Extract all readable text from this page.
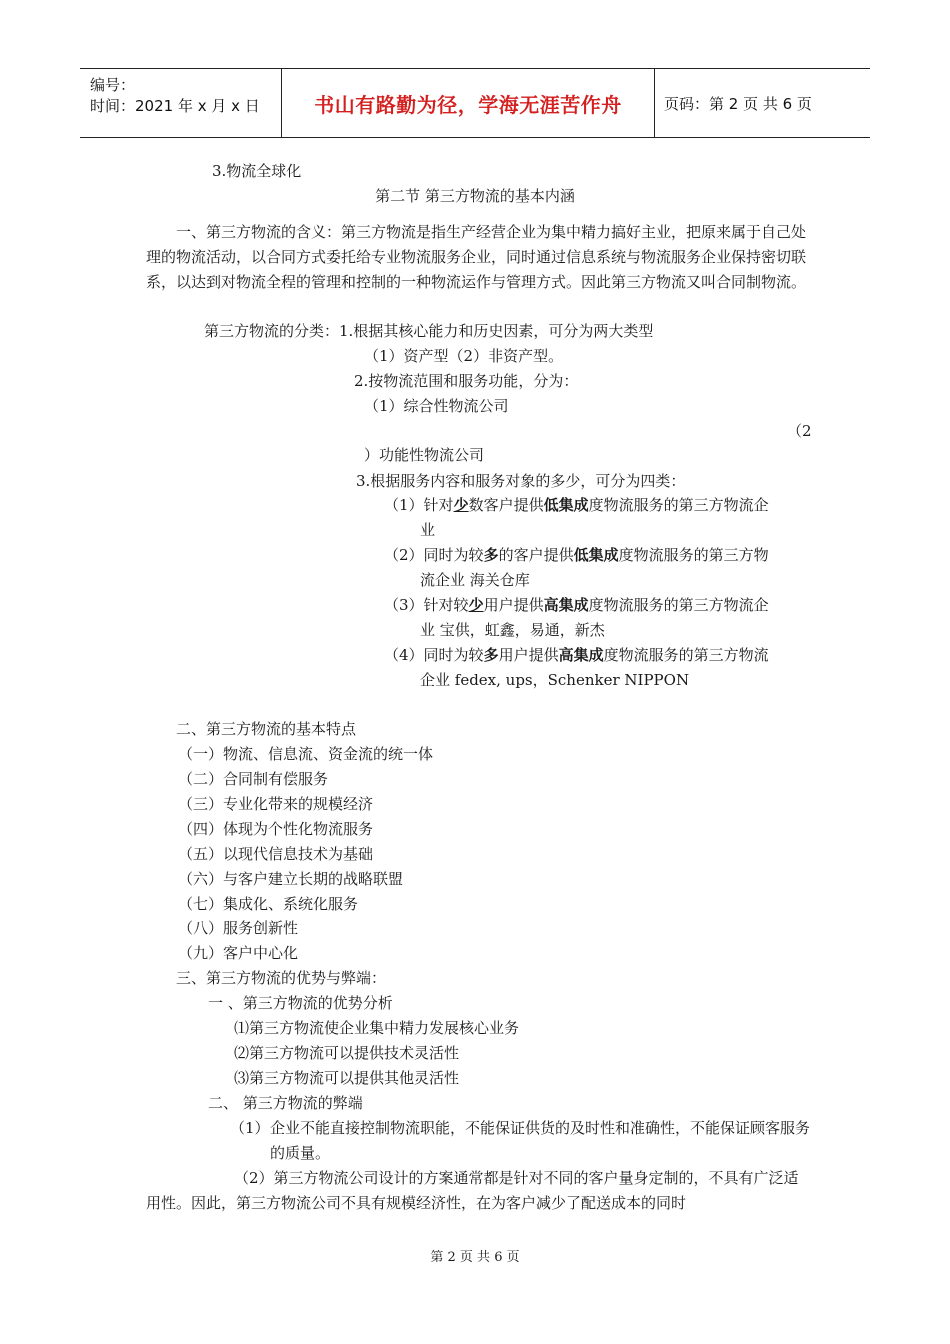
编号：
时间：2021 年 x 月 x 日	书山有路勤为径，学海无涯苦作舟	页码：第 2 页 共 6 页
3.物流全球化
第二节 第三方物流的基本内涵
一、第三方物流的含义：第三方物流是指生产经营企业为集中精力搞好主业，把原来属于自己处理的物流活动，以合同方式委托给专业物流服务企业，同时通过信息系统与物流服务企业保持密切联系，以达到对物流全程的管理和控制的一种物流运作与管理方式。因此第三方物流又叫合同制物流。
第三方物流的分类：1.根据其核心能力和历史因素，可分为两大类型
（1）资产型（2）非资产型。
2.按物流范围和服务功能，分为：
（1）综合性物流公司
（2
）功能性物流公司
3.根据服务内容和服务对象的多少，可分为四类：
（1）针对少数客户提供低集成度物流服务的第三方物流企
业
（2）同时为较多的客户提供低集成度物流服务的第三方物
流企业 海关仓库
（3）针对较少用户提供高集成度物流服务的第三方物流企
业 宝供，虹鑫，易通，新杰
（4）同时为较多用户提供高集成度物流服务的第三方物流
企业 fedex, ups，Schenker NIPPON
二、第三方物流的基本特点
（一）物流、信息流、资金流的统一体
（二）合同制有偿服务
（三）专业化带来的规模经济
（四）体现为个性化物流服务
（五）以现代信息技术为基础
（六）与客户建立长期的战略联盟
（七）集成化、系统化服务
（八）服务创新性
（九）客户中心化
三、第三方物流的优势与弊端：
一 、第三方物流的优势分析
⑴第三方物流使企业集中精力发展核心业务
⑵第三方物流可以提供技术灵活性
⑶第三方物流可以提供其他灵活性
二、 第三方物流的弊端
（1） 企业不能直接控制物流职能，不能保证供货的及时性和准确性，不能保证顾客服务的质量。
（2）第三方物流公司设计的方案通常都是针对不同的客户量身定制的，不具有广泛适用性。因此，第三方物流公司不具有规模经济性，在为客户减少了配送成本的同时
第 2 页 共 6 页
